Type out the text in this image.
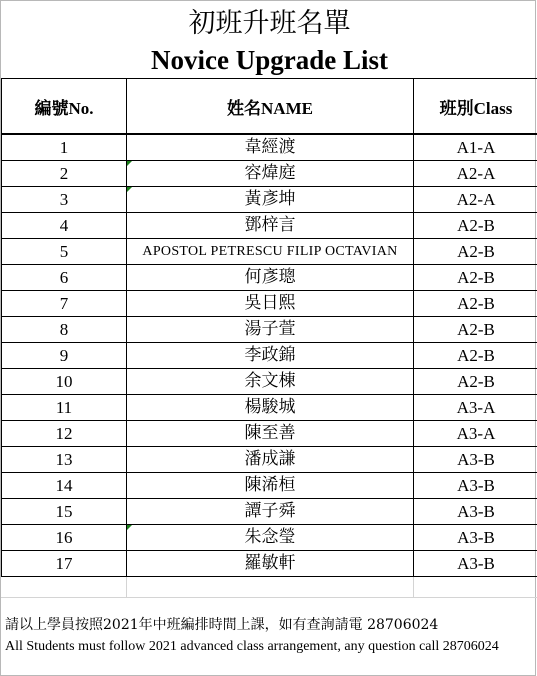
初班升班名單
Novice Upgrade List
編號No.	姓名NAME	班別Class
1	韋經渡	A1-A
2	容煒庭	A2-A
3	黃彥坤	A2-A
4	鄧梓言	A2-B
5	APOSTOL PETRESCU FILIP OCTAVIAN	A2-B
6	何彥璁	A2-B
7	吳日熙	A2-B
8	湯子萱	A2-B
9	李政錦	A2-B
10	余文棟	A2-B
11	楊駿城	A3-A
12	陳至善	A3-A
13	潘成謙	A3-B
14	陳浠桓	A3-B
15	譚子舜	A3-B
16	朱念瑩	A3-B
17	羅敏軒	A3-B

請以上學員按照2021年中班編排時間上課，如有查詢請電 28706024
All Students must follow 2021 advanced class arrangement, any question call 28706024
